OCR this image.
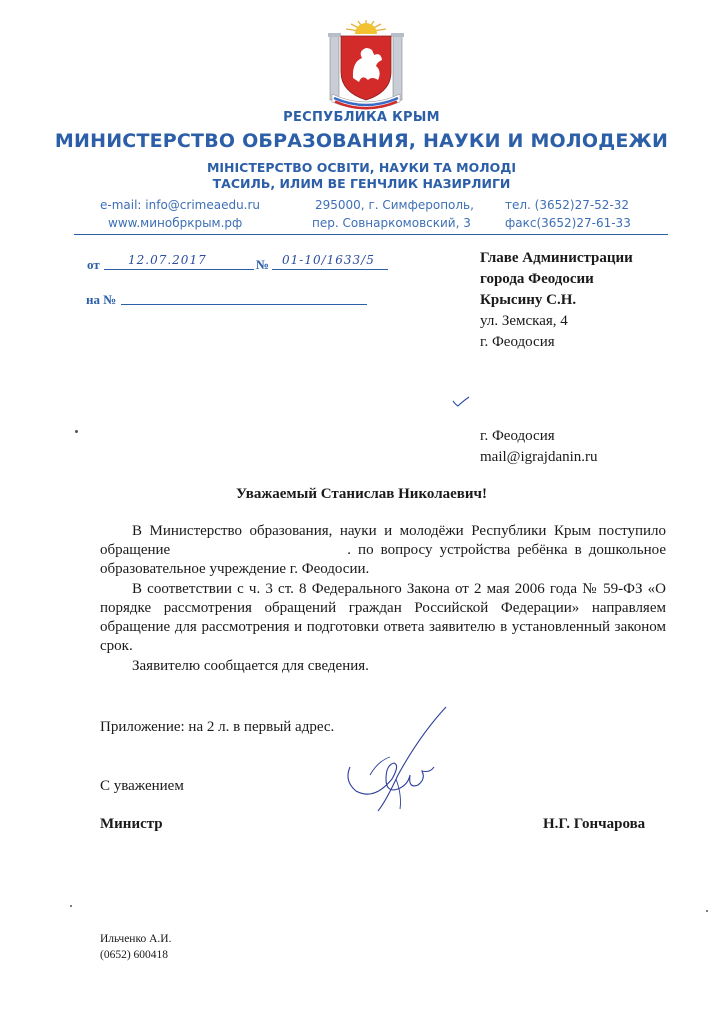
РЕСПУБЛИКА КРЫМ
МИНИСТЕРСТВО ОБРАЗОВАНИЯ, НАУКИ И МОЛОДЕЖИ
МІНІСТЕРСТВО ОСВІТИ, НАУКИ ТА МОЛОДІ
ТАСИЛЬ, ИЛИМ ВЕ ГЕНЧЛИК НАЗИРЛИГИ
e-mail: info@crimeaedu.ru
www.минобркрым.рф
295000, г. Симферополь,
пер. Совнаркомовский, 3
тел. (3652)27-52-32
факс(3652)27-61-33
от 12.07.2017	№ 01-10/1633/5
на №
Главе Администрации
города Феодосии
Крысину С.Н.
ул. Земская, 4
г. Феодосия
г. Феодосия
mail@igrajdanin.ru
Уважаемый Станислав Николаевич!
В Министерство образования, науки и молодёжи Республики Крым поступило обращение                         . по вопросу устройства ребёнка в дошкольное образовательное учреждение г. Феодосии.
В соответствии с ч. 3 ст. 8 Федерального Закона от 2 мая 2006 года № 59-ФЗ «О порядке рассмотрения обращений граждан Российской Федерации» направляем обращение для рассмотрения и подготовки ответа заявителю в установленный законом срок.
Заявителю сообщается для сведения.
Приложение: на 2 л. в первый адрес.
С уважением
Министр	Н.Г. Гончарова
Ильченко А.И.
(0652) 600418
